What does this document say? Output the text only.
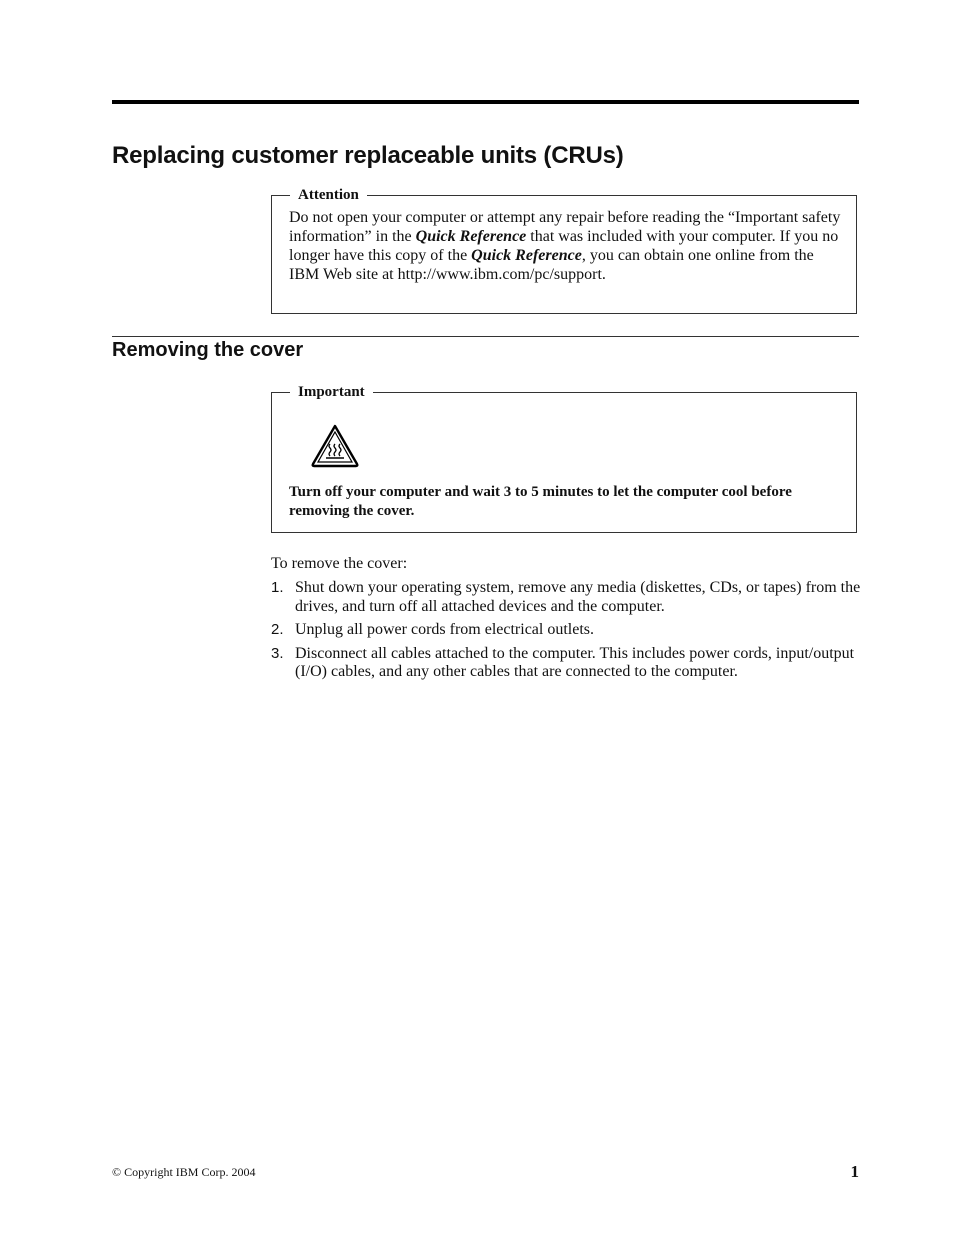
Replacing customer replaceable units (CRUs)
Attention
Do not open your computer or attempt any repair before reading the “Important safety information” in the Quick Reference that was included with your computer. If you no longer have this copy of the Quick Reference, you can obtain one online from the IBM Web site at http://www.ibm.com/pc/support.
Removing the cover
Important
Turn off your computer and wait 3 to 5 minutes to let the computer cool before removing the cover.
To remove the cover:
1. Shut down your operating system, remove any media (diskettes, CDs, or tapes) from the drives, and turn off all attached devices and the computer.
2. Unplug all power cords from electrical outlets.
3. Disconnect all cables attached to the computer. This includes power cords, input/output (I/O) cables, and any other cables that are connected to the computer.
© Copyright IBM Corp. 2004	1
